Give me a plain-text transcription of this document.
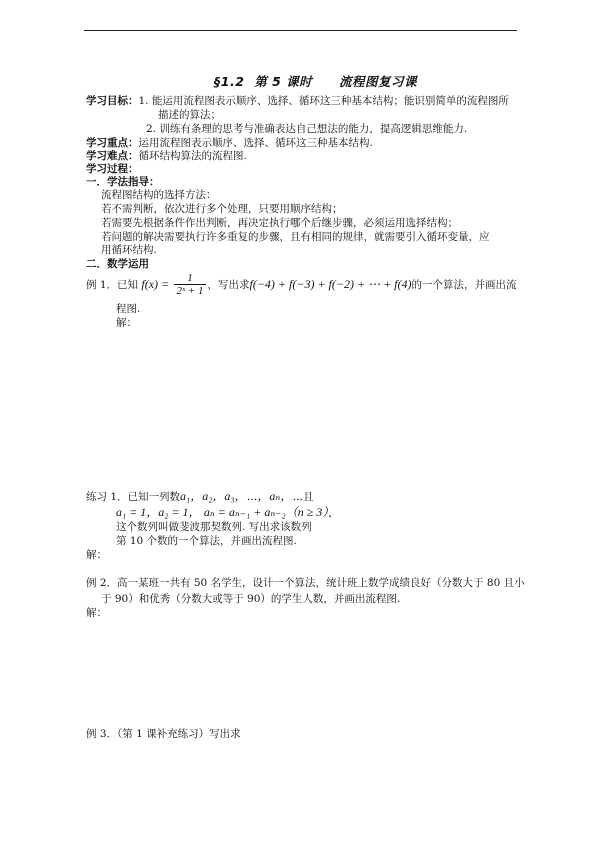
§1.2 第 5 课时 流程图复习课
学习目标：1. 能运用流程图表示顺序、选择、循环这三种基本结构；能识别简单的流程图所
描述的算法；
2. 训练有条理的思考与准确表达自己想法的能力，提高逻辑思维能力.
学习重点：运用流程图表示顺序、选择、循环这三种基本结构.
学习难点：循环结构算法的流程图.
学习过程：
一．学法指导：
流程图结构的选择方法：
若不需判断，依次进行多个处理，只要用顺序结构；
若需要先根据条件作出判断，再决定执行哪个后继步骤，必须运用选择结构；
若问题的解决需要执行许多重复的步骤，且有相同的规律，就需要引入循环变量，应
用循环结构.
二．数学运用
例 1．已知 $f(x) = \frac{1}{\text{2ˣ + 1}}$ ，写出求f(−4) + f(−3) + f(−2) + ⋯ + f(4)的一个算法，并画出流
程图.
解：
练习 1．已知一列数a₁，a₂，a₃，⋯，aₙ，⋯且
a₁ = 1，a₂ = 1， aₙ = aₙ₋₁ + aₙ₋₂（n ≥ 3），
这个数列叫做斐波那契数列. 写出求该数列
第 10 个数的一个算法，并画出流程图.
解：
例 2．高一某班一共有 50 名学生，设计一个算法，统计班上数学成绩良好（分数大于 80 且小
于 90）和优秀（分数大或等于 90）的学生人数，并画出流程图.
解：
例 3．（第 1 课补充练习）写出求
